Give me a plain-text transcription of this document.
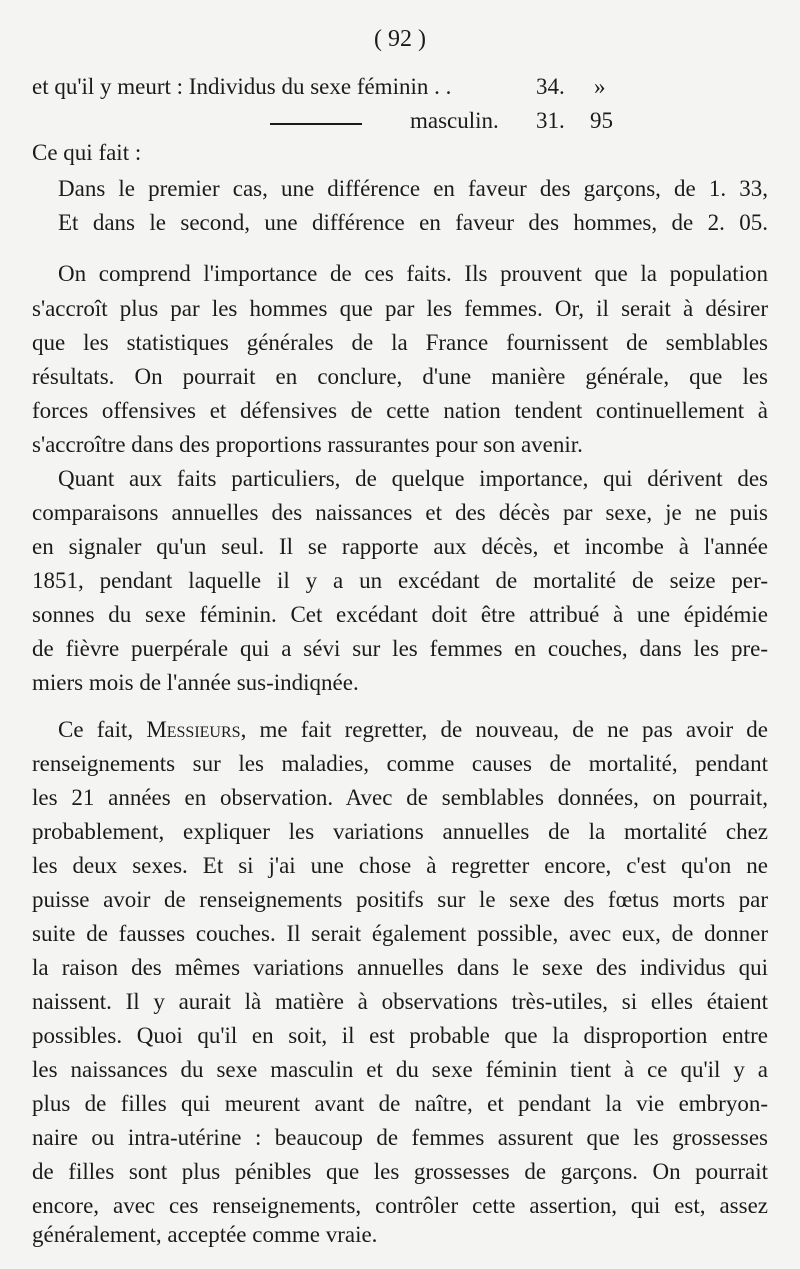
( 92 )
et qu'il y meurt : Individus du sexe féminin . .	34. »
masculin. 31. 95
Ce qui fait :
Dans le premier cas, une différence en faveur des garçons, de 1. 33,
Et dans le second, une différence en faveur des hommes, de 2. 05.
On comprend l'importance de ces faits. Ils prouvent que la population
s'accroît plus par les hommes que par les femmes. Or, il serait à désirer
que les statistiques générales de la France fournissent de semblables
résultats. On pourrait en conclure, d'une manière générale, que les
forces offensives et défensives de cette nation tendent continuellement à
s'accroître dans des proportions rassurantes pour son avenir.
Quant aux faits particuliers, de quelque importance, qui dérivent des
comparaisons annuelles des naissances et des décès par sexe, je ne puis
en signaler qu'un seul. Il se rapporte aux décès, et incombe à l'année
1851, pendant laquelle il y a un excédant de mortalité de seize per-
sonnes du sexe féminin. Cet excédant doit être attribué à une épidémie
de fièvre puerpérale qui a sévi sur les femmes en couches, dans les pre-
miers mois de l'année sus-indiqnée.
Ce fait, Messieurs, me fait regretter, de nouveau, de ne pas avoir de
renseignements sur les maladies, comme causes de mortalité, pendant
les 21 années en observation. Avec de semblables données, on pourrait,
probablement, expliquer les variations annuelles de la mortalité chez
les deux sexes. Et si j'ai une chose à regretter encore, c'est qu'on ne
puisse avoir de renseignements positifs sur le sexe des fœtus morts par
suite de fausses couches. Il serait également possible, avec eux, de donner
la raison des mêmes variations annuelles dans le sexe des individus qui
naissent. Il y aurait là matière à observations très-utiles, si elles étaient
possibles. Quoi qu'il en soit, il est probable que la disproportion entre
les naissances du sexe masculin et du sexe féminin tient à ce qu'il y a
plus de filles qui meurent avant de naître, et pendant la vie embryon-
naire ou intra-utérine : beaucoup de femmes assurent que les grossesses
de filles sont plus pénibles que les grossesses de garçons. On pourrait
encore, avec ces renseignements, contrôler cette assertion, qui est, assez
généralement, acceptée comme vraie.
